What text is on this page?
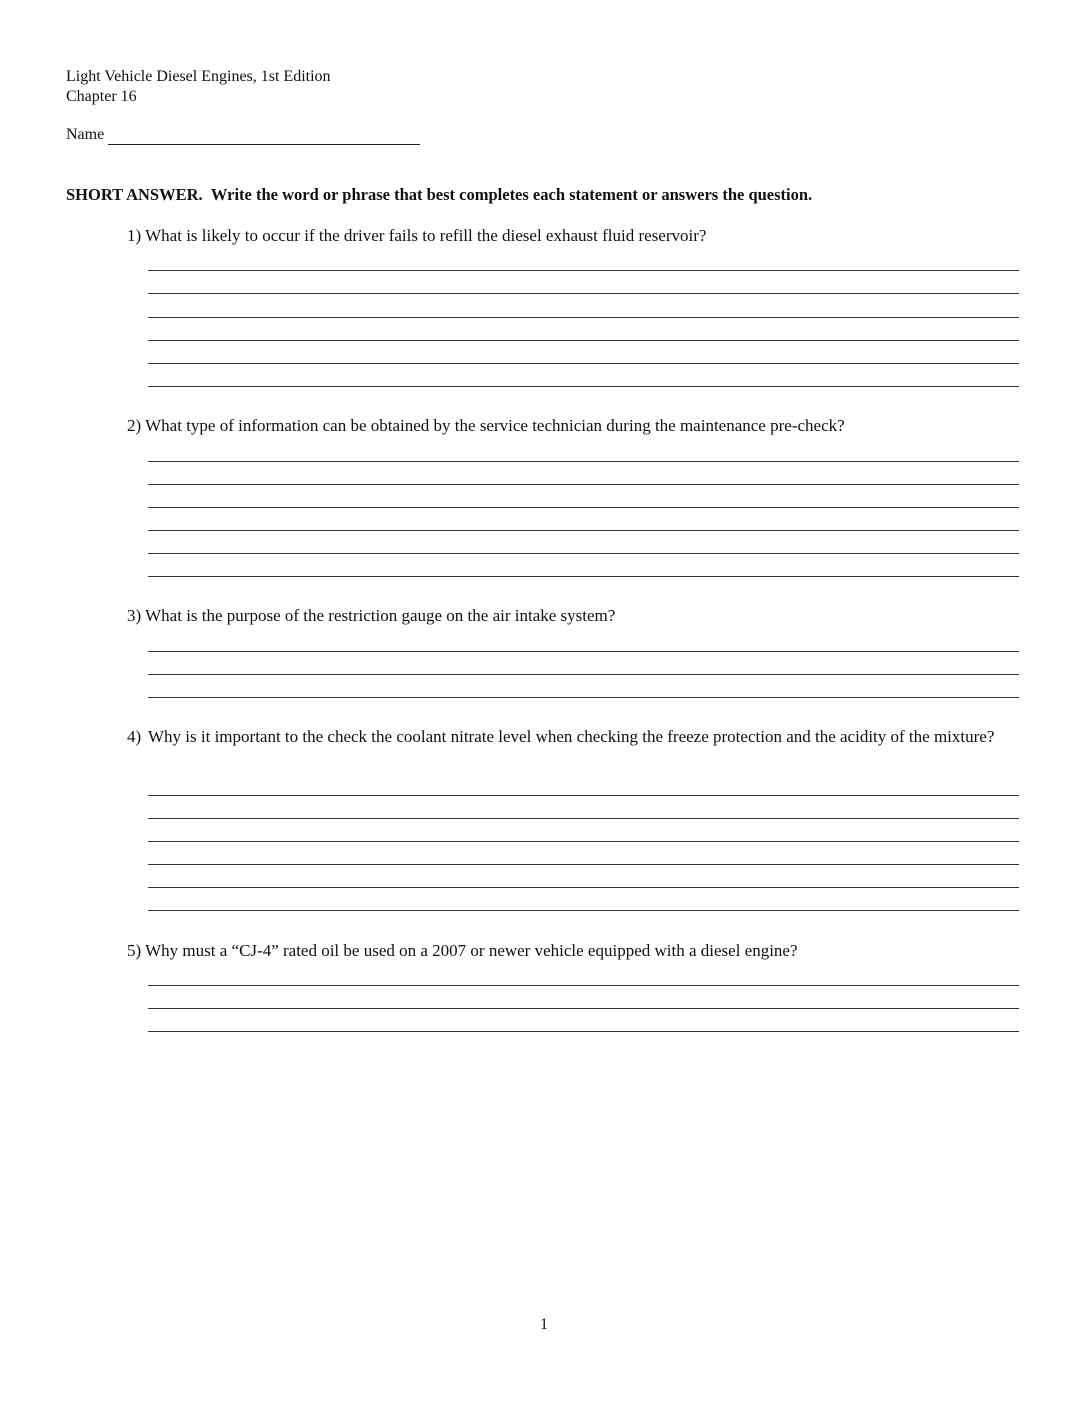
Light Vehicle Diesel Engines, 1st Edition
Chapter 16
Name
SHORT ANSWER. Write the word or phrase that best completes each statement or answers the question.
1) What is likely to occur if the driver fails to refill the diesel exhaust fluid reservoir?
2) What type of information can be obtained by the service technician during the maintenance pre-check?
3) What is the purpose of the restriction gauge on the air intake system?
4) Why is it important to the check the coolant nitrate level when checking the freeze protection and the acidity of the mixture?
5) Why must a “CJ-4” rated oil be used on a 2007 or newer vehicle equipped with a diesel engine?
1
